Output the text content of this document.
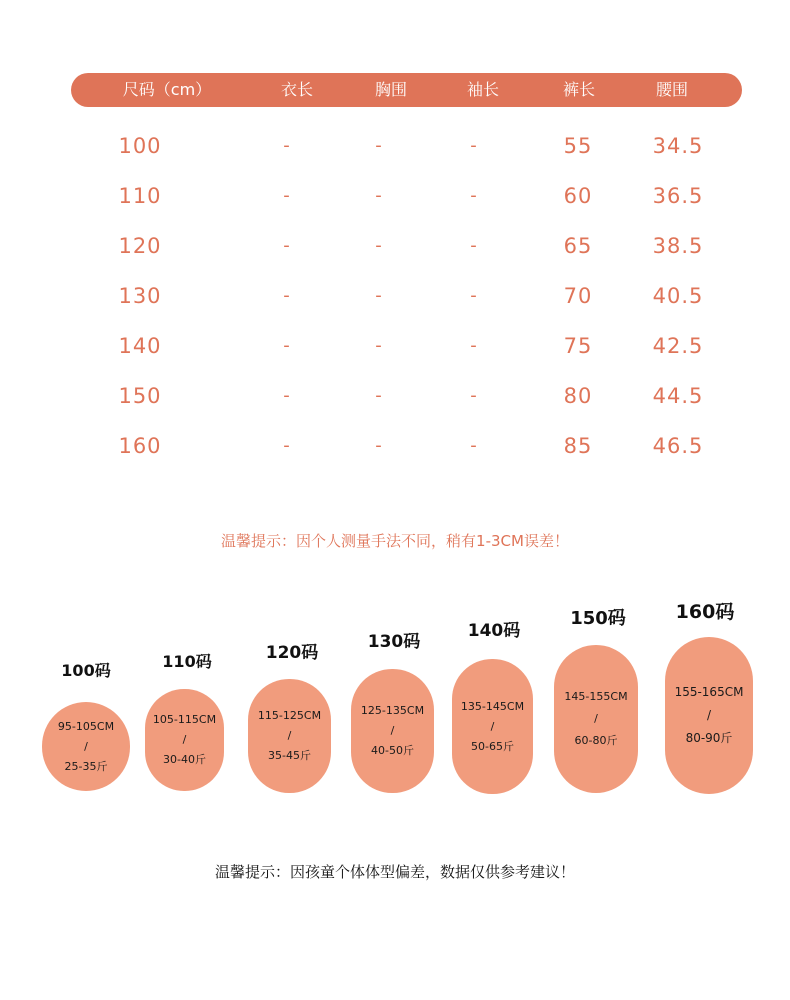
尺码（cm）	衣长	胸围	袖长	裤长	腰围
100	-	-	-	55	34.5
110	-	-	-	60	36.5
120	-	-	-	65	38.5
130	-	-	-	70	40.5
140	-	-	-	75	42.5
150	-	-	-	80	44.5
160	-	-	-	85	46.5
温馨提示：因个人测量手法不同，稍有1-3CM误差！
100码	110码	120码
130码
140码
150码	160码
95-105CM
/
25-35斤
105-115CM
/
30-40斤
115-125CM
/
35-45斤
125-135CM
/
40-50斤
135-145CM
/
50-65斤
145-155CM
/
60-80斤
155-165CM
/
80-90斤
温馨提示：因孩童个体体型偏差，数据仅供参考建议！
